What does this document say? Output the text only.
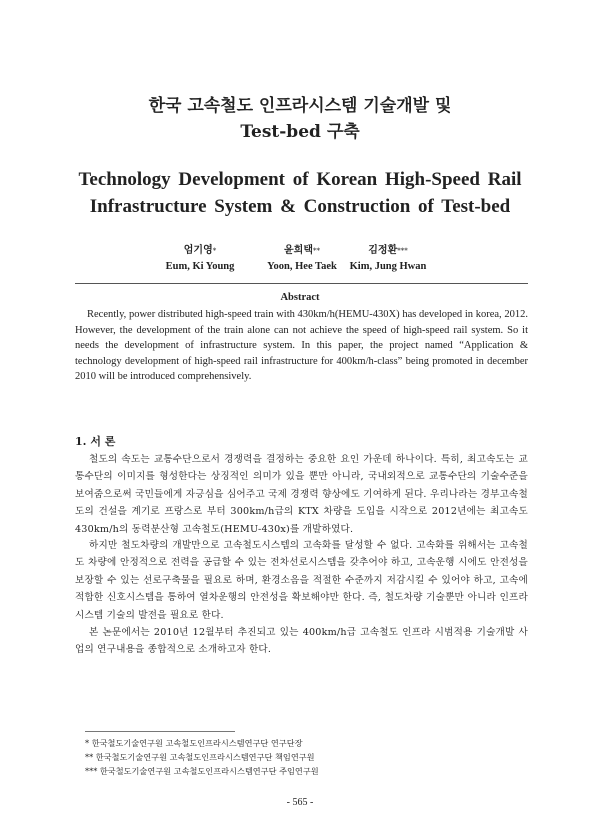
한국 고속철도 인프라시스템 기술개발 및
Test-bed 구축
Technology Development of Korean High-Speed Rail
Infrastructure System & Construction of Test-bed
엄기영*
Eum, Ki Young
윤희택**
Yoon, Hee Taek
김정환***
Kim, Jung Hwan
Abstract

Recently, power distributed high-speed train with 430km/h(HEMU-430X) has developed in korea, 2012. However, the development of the train alone can not achieve the speed of high-speed rail system. So it needs the development of infrastructure system. In this paper, the project named “Application & technology development of high-speed rail infrastructure for 400km/h-class” being promoted in december 2010 will be introduced comprehensively.

1. 서 론

철도의 속도는 교통수단으로서 경쟁력을 결정하는 중요한 요인 가운데 하나이다. 특히, 최고속도는 교통수단의 이미지를 형성한다는 상징적인 의미가 있을 뿐만 아니라, 국내외적으로 교통수단의 기술수준을 보여줌으로써 국민들에게 자긍심을 심어주고 국제 경쟁력 향상에도 기여하게 된다. 우리나라는 경부고속철도의 건설을 계기로 프랑스로 부터 300km/h급의 KTX 차량을 도입을 시작으로 2012년에는 최고속도 430km/h의 동력분산형 고속철도(HEMU-430x)를 개발하였다.

하지만 철도차량의 개발만으로 고속철도시스템의 고속화를 달성할 수 없다. 고속화를 위해서는 고속철도 차량에 안정적으로 전력을 공급할 수 있는 전차선로시스템을 갖추어야 하고, 고속운행 시에도 안전성을 보장할 수 있는 선로구축물을 필요로 하며, 환경소음을 적절한 수준까지 저감시킬 수 있어야 하고, 고속에 적합한 신호시스템을 통하여 열차운행의 안전성을 확보해야만 한다. 즉, 철도차량 기술뿐만 아니라 인프라시스템 기술의 발전을 필요로 한다.

본 논문에서는 2010년 12월부터 추진되고 있는 400km/h급 고속철도 인프라 시범적용 기술개발 사업의 연구내용을 종합적으로 소개하고자 한다.

* 한국철도기술연구원 고속철도인프라시스템연구단 연구단장
** 한국철도기술연구원 고속철도인프라시스템연구단 책임연구원
*** 한국철도기술연구원 고속철도인프라시스템연구단 주임연구원
- 565 -
